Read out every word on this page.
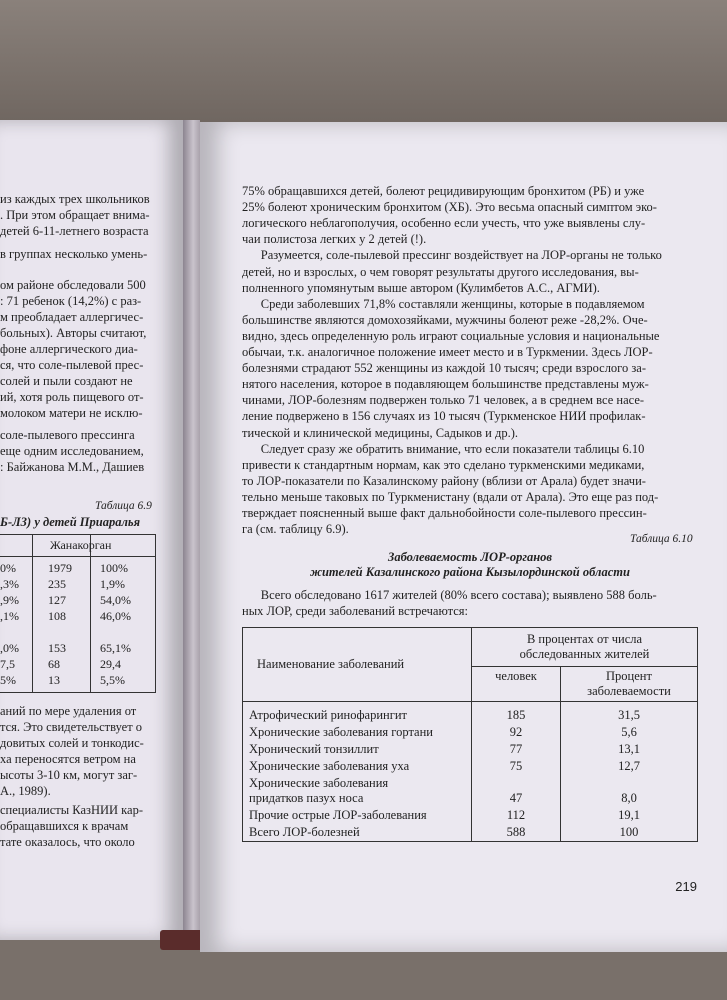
из каждых трех школьников
. При этом обращает внима-
детей 6-11-летнего возраста
в группах несколько умень-
ом районе обследовали 500
: 71 ребенок (14,2%) с раз-
м преобладает аллергичес-
больных). Авторы считают,
фоне аллергического диа-
ся, что соле-пылевой прес-
солей и пыли создают не
ий, хотя роль пищевого от-
молоком матери не исклю-
соле-пылевого прессинга
еще одним исследованием,
: Байжанова М.М., Дашиев
Таблица 6.9
Б-ЛЗ) у детей Приаралья
Жанакорган
0%	1979 100%
,3% 235	1,9%
,9% 127	54,0%
,1% 108	46,0%
,0% 153	65,1%
7,5	68	29,4
5%	13	5,5%
аний по мере удаления от
тся. Это свидетельствует о
довитых солей и тонкодис-
ха переносятся ветром на
ысоты 3-10 км, могут заг-
А., 1989).
специалисты КазНИИ кар-
обращавшихся к врачам
тате оказалось, что около
75% обращавшихся детей, болеют рецидивирующим бронхитом (РБ) и уже
25% болеют хроническим бронхитом (ХБ). Это весьма опасный симптом эко-
логического неблагополучия, особенно если учесть, что уже выявлены слу-
чаи полистоза легких у 2 детей (!).
Разумеется, соле-пылевой прессинг воздействует на ЛОР-органы не только
детей, но и взрослых, о чем говорят результаты другого исследования, вы-
полненного упомянутым выше автором (Кулимбетов А.С., АГМИ).
Среди заболевших 71,8% составляли женщины, которые в подавляемом
большинстве являются домохозяйками, мужчины болеют реже -28,2%. Оче-
видно, здесь определенную роль играют социальные условия и национальные
обычаи, т.к. аналогичное положение имеет место и в Туркмении. Здесь ЛОР-
болезнями страдают 552 женщины из каждой 10 тысяч; среди взрослого за-
нятого населения, которое в подавляющем большинстве представлены муж-
чинами, ЛОР-болезням подвержен только 71 человек, а в среднем все насе-
ление подвержено в 156 случаях из 10 тысяч (Туркменское НИИ профилак-
тической и клинической медицины, Садыков и др.).
Следует сразу же обратить внимание, что если показатели таблицы 6.10
привести к стандартным нормам, как это сделано туркменскими медиками,
то ЛОР-показатели по Казалинскому району (вблизи от Арала) будет значи-
тельно меньше таковых по Туркменистану (вдали от Арала). Это еще раз под-
тверждает поясненный выше факт дальнобойности соле-пылевого прессин-
га (см. таблицу 6.9).
Таблица 6.10
Заболеваемость ЛОР-органов
жителей Казалинского района Кызылординской области
Всего обследовано 1617 жителей (80% всего состава); выявлено 588 боль-
ных ЛОР, среди заболеваний встречаются:
Наименование заболеваний	В процентах от числа
обследованных жителей	
	человек	Процент
заболеваемости
Атрофический ринофарингит	185	31,5
Хронические заболевания гортани	92	5,6
Хронический тонзиллит	77	13,1
Хронические заболевания уха	75	12,7
Хронические заболевания
придатков пазух носа	47	8,0
Прочие острые ЛОР-заболевания	112	19,1
Всего ЛОР-болезней	588	100
219
